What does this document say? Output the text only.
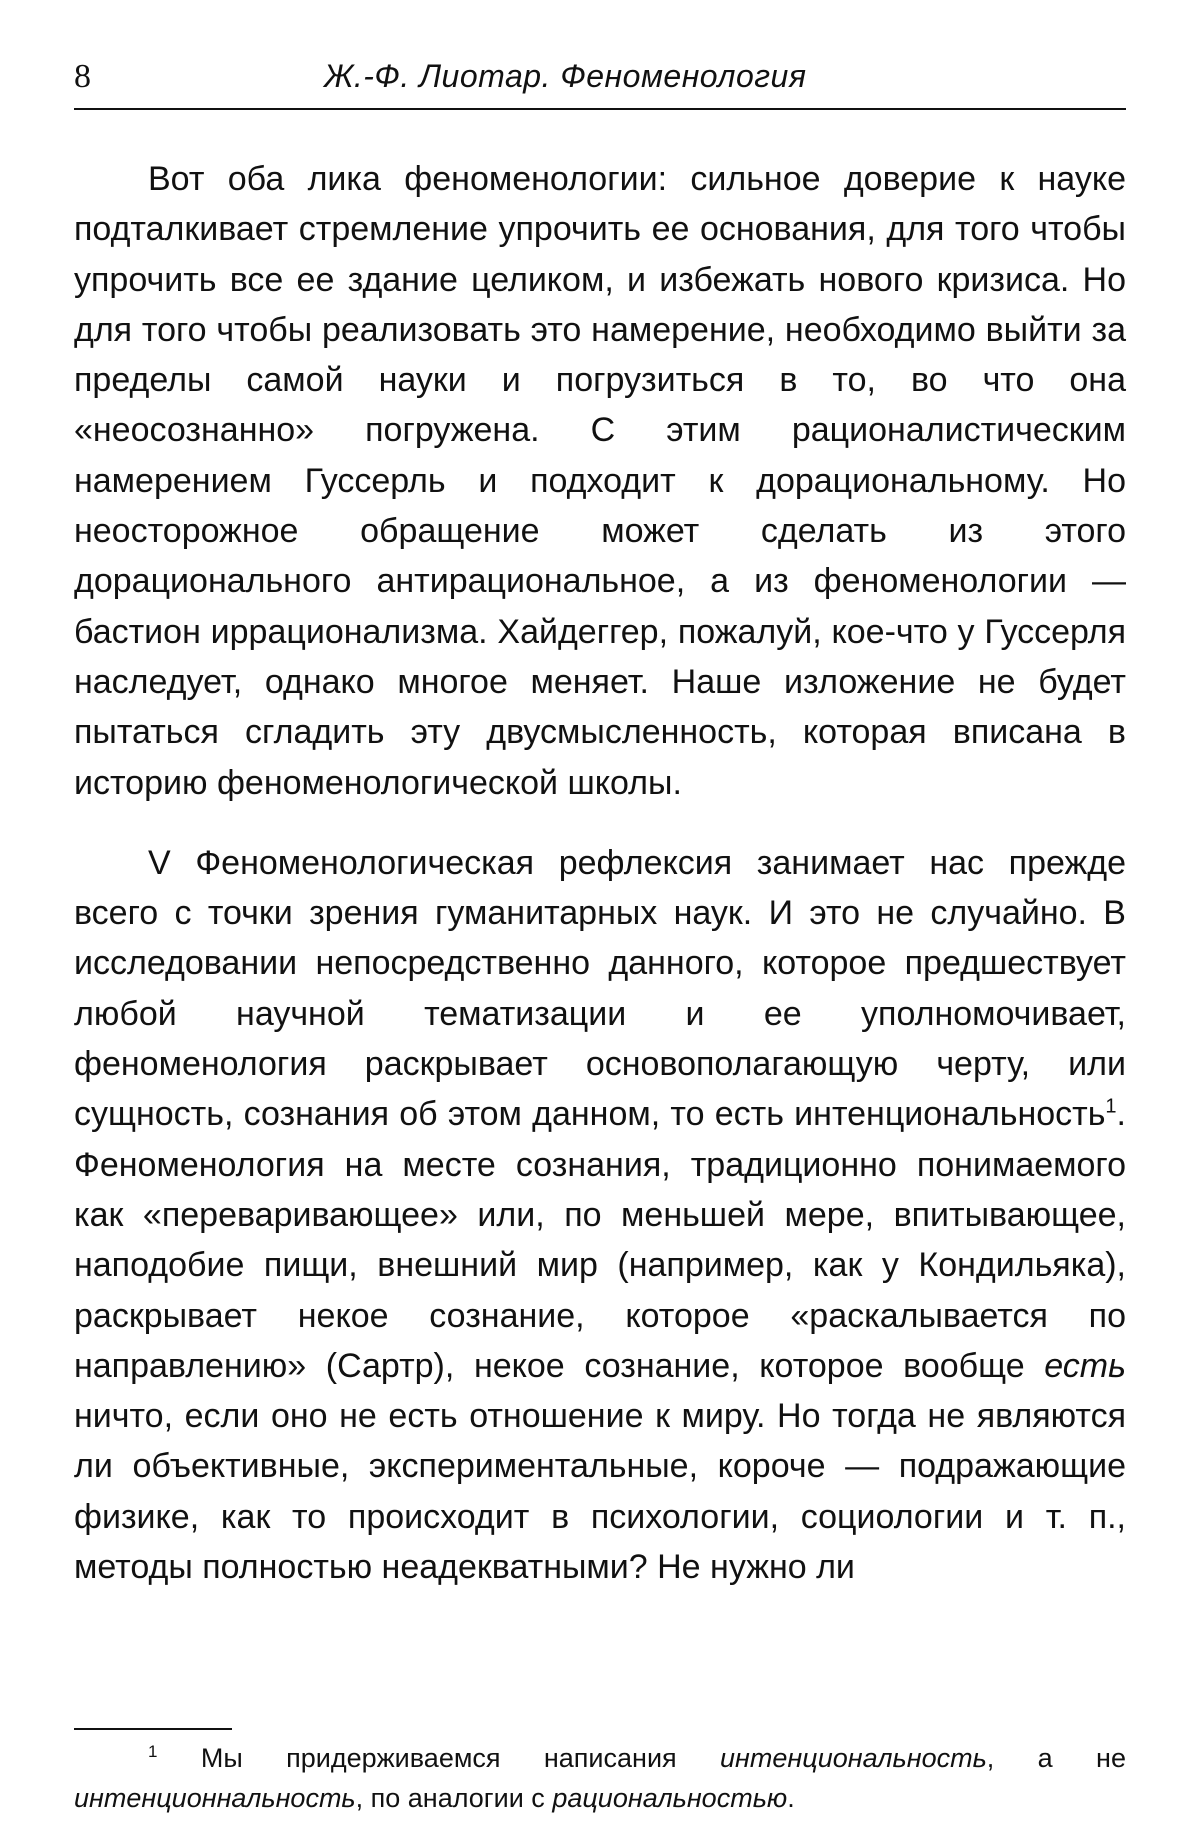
8	Ж.-Ф. Лиотар. Феноменология

Вот оба лика феноменологии: сильное доверие к науке подталкивает стремление упрочить ее основания, для того чтобы упрочить все ее здание целиком, и избежать нового кризиса. Но для того чтобы реализовать это намерение, необходимо выйти за пределы самой науки и погрузиться в то, во что она «неосознанно» погружена. С этим рационалистическим намерением Гуссерль и подходит к дорациональному. Но неосторожное обращение может сделать из этого дорационального антирациональное, а из феноменологии — бастион иррационализма. Хайдеггер, пожалуй, кое-что у Гуссерля наследует, однако многое меняет. Наше изложение не будет пытаться сгладить эту двусмысленность, которая вписана в историю феноменологической школы.

V Феноменологическая рефлексия занимает нас прежде всего с точки зрения гуманитарных наук. И это не случайно. В исследовании непосредственно данного, которое предшествует любой научной тематизации и ее уполномочивает, феноменология раскрывает основополагающую черту, или сущность, сознания об этом данном, то есть интенциональность$^1$. Феноменология на месте сознания, традиционно понимаемого как «переваривающее» или, по меньшей мере, впитывающее, наподобие пищи, внешний мир (например, как у Кондильяка), раскрывает некое сознание, которое «раскалывается по направлению» (Сартр), некое сознание, которое вообще есть ничто, если оно не есть отношение к миру. Но тогда не являются ли объективные, экспериментальные, короче — подражающие физике, как то происходит в психологии, социологии и т. п., методы полностью неадекватными? Не нужно ли

$^1$ Мы придерживаемся написания интенциональность, а не интенционнальность, по аналогии с рациональностью.
